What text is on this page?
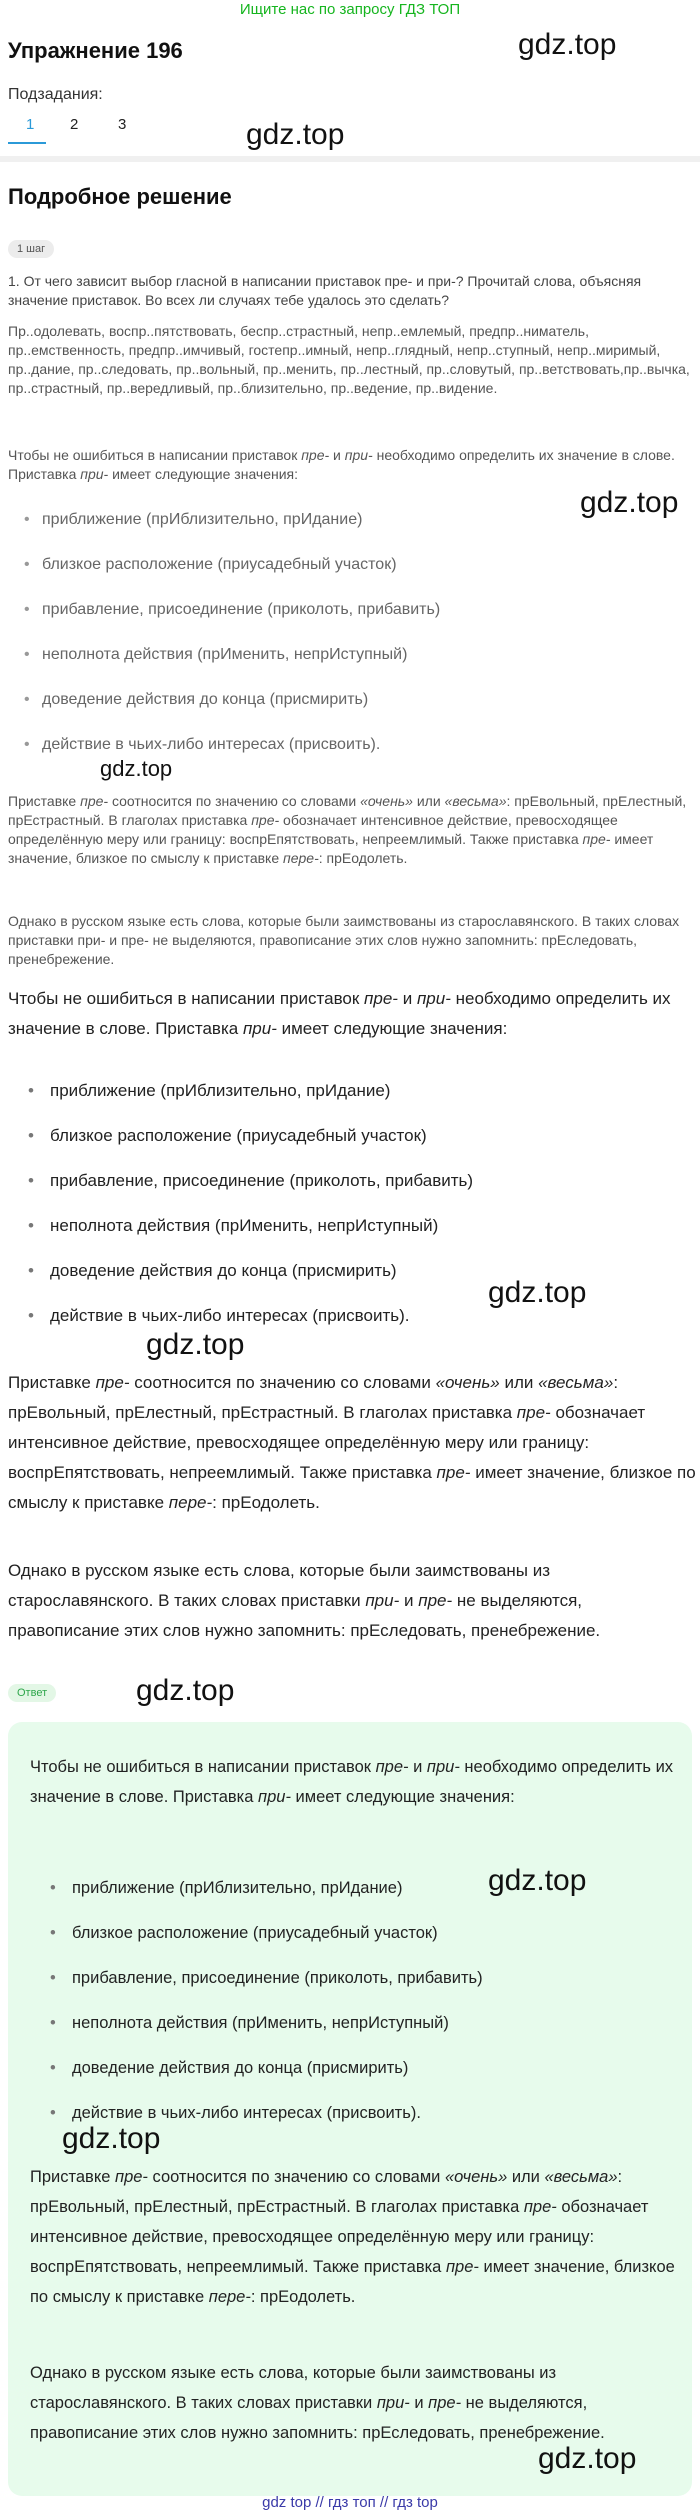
Ищите нас по запросу ГДЗ ТОП
Упражнение 196	gdz.top
Подзадания:
1 2	3	gdz.top
Подробное решение
1 шаг
1. От чего зависит выбор гласной в написании приставок пре- и при-? Прочитай слова, объясняя значение приставок. Во всех ли случаях тебе удалось это сделать?
Пр..одолевать, воспр..пятствовать, беспр..страстный, непр..емлемый, предпр..ниматель, пр..емственность, предпр..имчивый, гостепр..имный, непр..глядный, непр..ступный, непр..миримый, пр..дание, пр..следовать, пр..вольный, пр..менить, пр..лестный, пр..словутый, пр..ветствовать,пр..вычка, пр..страстный, пр..вередливый, пр..близительно, пр..ведение, пр..видение.
Чтобы не ошибиться в написании приставок пре- и при- необходимо определить их значение в слове. Приставка при- имеет следующие значения:
gdz.top
• приближение (прИблизительно, прИдание)
• близкое расположение (приусадебный участок)
• прибавление, присоединение (приколоть, прибавить)
• неполнота действия (прИменить, непрИступный)
• доведение действия до конца (присмирить)
• действие в чьих-либо интересах (присвоить).
gdz.top
Приставке пре- соотносится по значению со словами «очень» или «весьма»: прЕвольный, прЕлестный, прЕстрастный. В глаголах приставка пре- обозначает интенсивное действие, превосходящее определённую меру или границу: воспрЕпятствовать, непреемлимый. Также приставка пре- имеет значение, близкое по смыслу к приставке пере-: прЕодолеть.
Однако в русском языке есть слова, которые были заимствованы из старославянского. В таких словах приставки при- и пре- не выделяются, правописание этих слов нужно запомнить: прЕследовать, пренебрежение.
Чтобы не ошибиться в написании приставок пре- и при- необходимо определить их значение в слове. Приставка при- имеет следующие значения:
• приближение (прИблизительно, прИдание)
• близкое расположение (приусадебный участок)
• прибавление, присоединение (приколоть, прибавить)
• неполнота действия (прИменить, непрИступный)
• доведение действия до конца (присмирить)
• действие в чьих-либо интересах (присвоить).
gdz.top
gdz.top
Приставке пре- соотносится по значению со словами «очень» или «весьма»: прЕвольный, прЕлестный, прЕстрастный. В глаголах приставка пре- обозначает интенсивное действие, превосходящее определённую меру или границу: воспрЕпятствовать, непреемлимый. Также приставка пре- имеет значение, близкое по смыслу к приставке пере-: прЕодолеть.
Однако в русском языке есть слова, которые были заимствованы из старославянского. В таких словах приставки при- и пре- не выделяются, правописание этих слов нужно запомнить: прЕследовать, пренебрежение.
Ответ	gdz.top
Чтобы не ошибиться в написании приставок пре- и при- необходимо определить их значение в слове. Приставка при- имеет следующие значения:
• приближение (прИблизительно, прИдание)
• близкое расположение (приусадебный участок)
• прибавление, присоединение (приколоть, прибавить)
• неполнота действия (прИменить, непрИступный)
• доведение действия до конца (присмирить)
• действие в чьих-либо интересах (присвоить).
gdz.top
gdz.top
Приставке пре- соотносится по значению со словами «очень» или «весьма»: прЕвольный, прЕлестный, прЕстрастный. В глаголах приставка пре- обозначает интенсивное действие, превосходящее определённую меру или границу: воспрЕпятствовать, непреемлимый. Также приставка пре- имеет значение, близкое по смыслу к приставке пере-: прЕодолеть.
Однако в русском языке есть слова, которые были заимствованы из старославянского. В таких словах приставки при- и пре- не выделяются, правописание этих слов нужно запомнить: прЕследовать, пренебрежение.
gdz.top
gdz top // гдз топ // гдз top
